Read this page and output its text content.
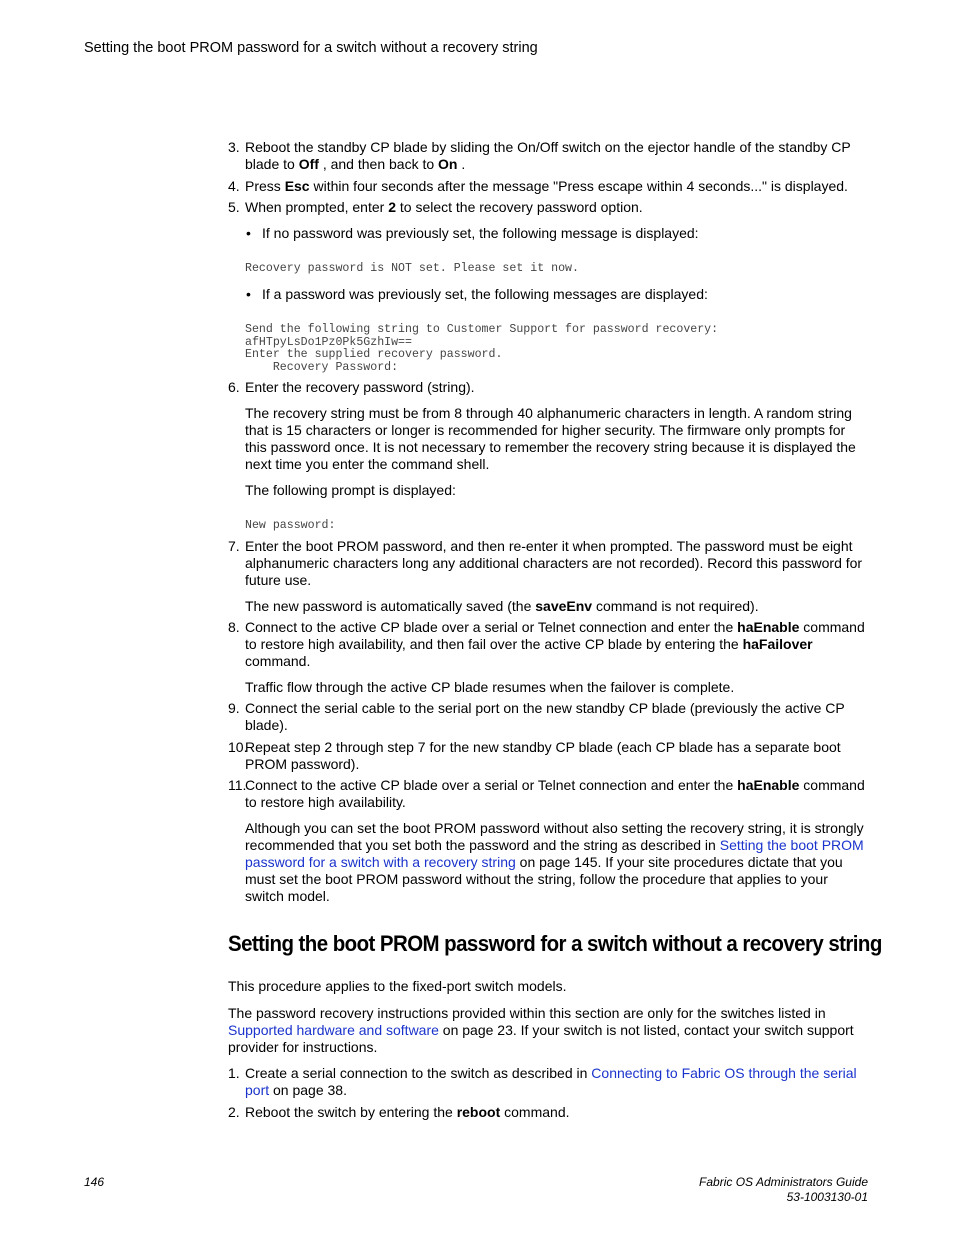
Setting the boot PROM password for a switch without a recovery string
3. Reboot the standby CP blade by sliding the On/Off switch on the ejector handle of the standby CP blade to Off , and then back to On .
4. Press Esc within four seconds after the message "Press escape within 4 seconds..." is displayed.
5. When prompted, enter 2 to select the recovery password option.
• If no password was previously set, the following message is displayed:
Recovery password is NOT set. Please set it now.
• If a password was previously set, the following messages are displayed:
Send the following string to Customer Support for password recovery:
afHTpyLsDo1Pz0Pk5GzhIw==
Enter the supplied recovery password.
Recovery Password:
6. Enter the recovery password (string).
The recovery string must be from 8 through 40 alphanumeric characters in length. A random string that is 15 characters or longer is recommended for higher security. The firmware only prompts for this password once. It is not necessary to remember the recovery string because it is displayed the next time you enter the command shell.
The following prompt is displayed:
New password:
7. Enter the boot PROM password, and then re-enter it when prompted. The password must be eight alphanumeric characters long any additional characters are not recorded). Record this password for future use.
The new password is automatically saved (the saveEnv command is not required).
8. Connect to the active CP blade over a serial or Telnet connection and enter the haEnable command to restore high availability, and then fail over the active CP blade by entering the haFailover command.
Traffic flow through the active CP blade resumes when the failover is complete.
9. Connect the serial cable to the serial port on the new standby CP blade (previously the active CP blade).
10.
Repeat step 2 through step 7 for the new standby CP blade (each CP blade has a separate boot PROM password).
11.
Connect to the active CP blade over a serial or Telnet connection and enter the haEnable command to restore high availability.
Although you can set the boot PROM password without also setting the recovery string, it is strongly recommended that you set both the password and the string as described in Setting the boot PROM password for a switch with a recovery string on page 145. If your site procedures dictate that you must set the boot PROM password without the string, follow the procedure that applies to your switch model.
Setting the boot PROM password for a switch without a recovery string
This procedure applies to the fixed-port switch models.
The password recovery instructions provided within this section are only for the switches listed in Supported hardware and software on page 23. If your switch is not listed, contact your switch support provider for instructions.
1. Create a serial connection to the switch as described in Connecting to Fabric OS through the serial port on page 38.
2. Reboot the switch by entering the reboot command.
146	Fabric OS Administrators Guide
53-1003130-01
